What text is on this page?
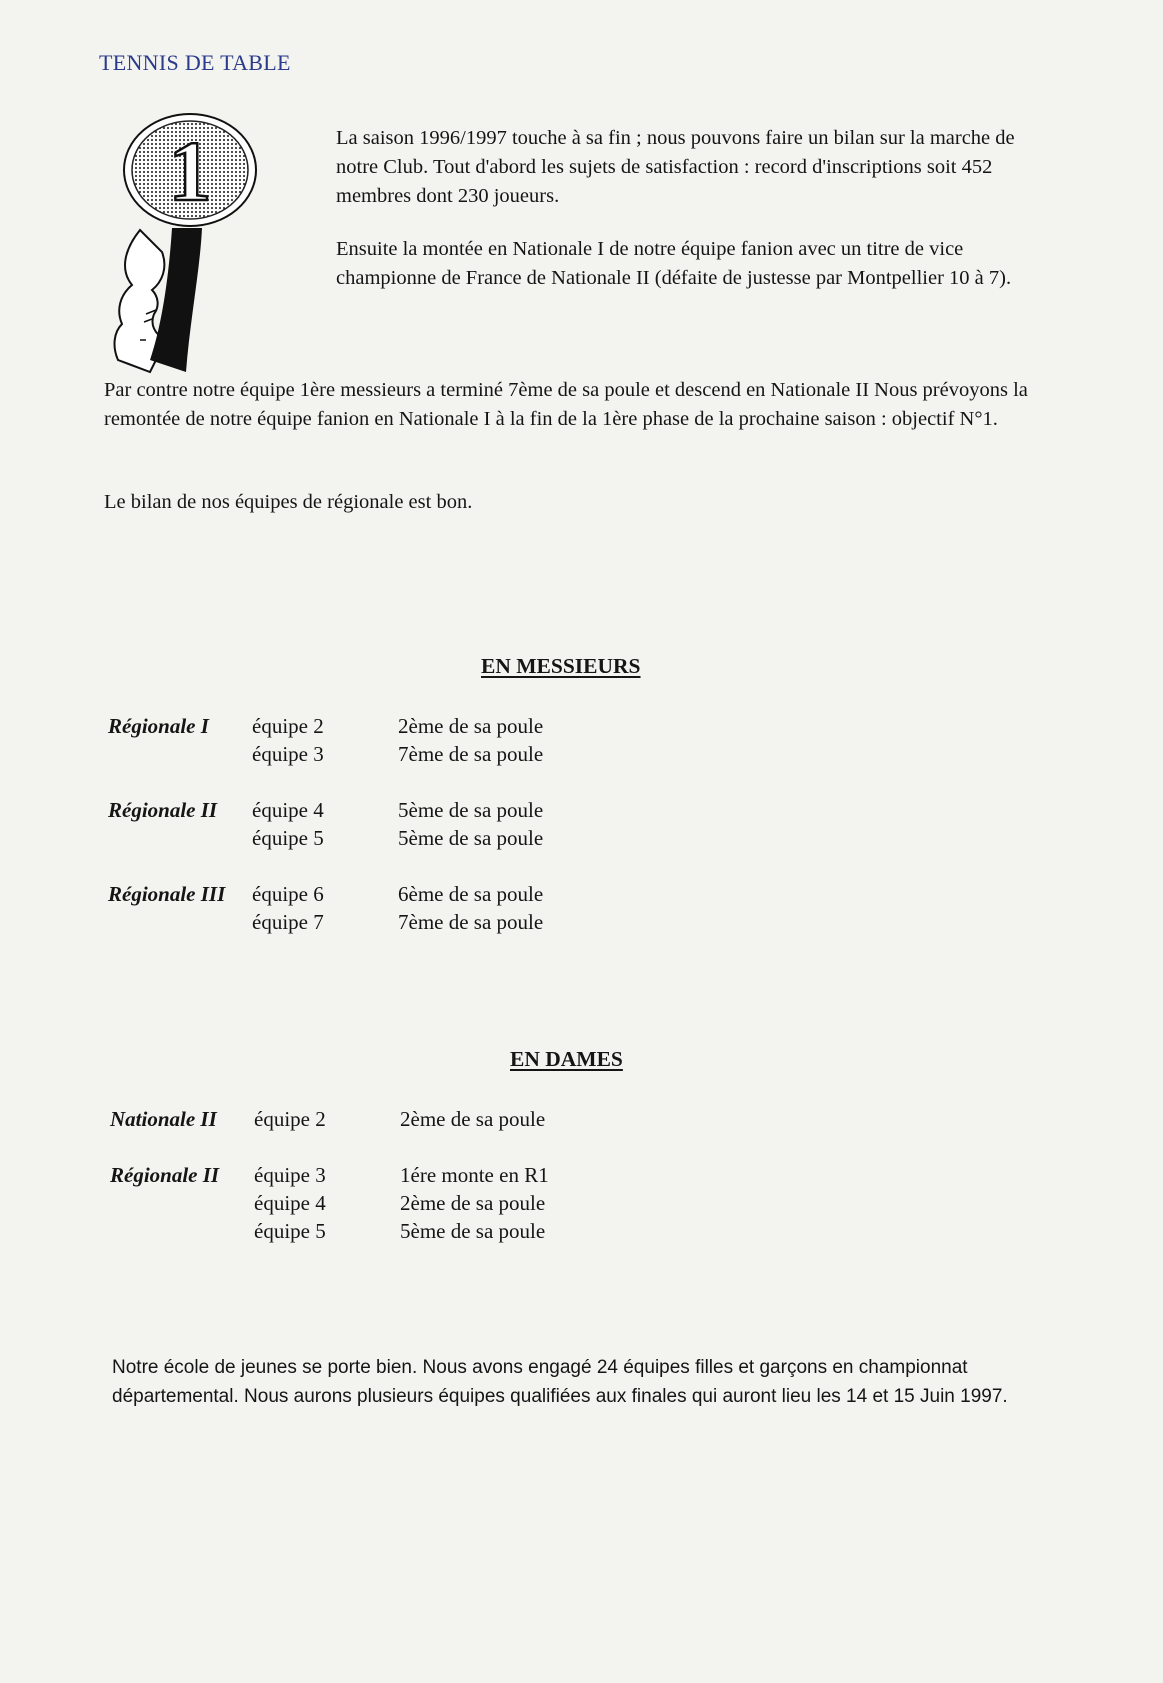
TENNIS DE TABLE
1	La saison 1996/1997 touche à sa fin ; nous pouvons faire un bilan sur la marche de notre Club. Tout d'abord les sujets de satisfaction : record d'inscriptions soit 452 membres dont 230 joueurs.

Ensuite la montée en Nationale I de notre équipe fanion avec un titre de vice championne de France de Nationale II (défaite de justesse par Montpellier 10 à 7).

Par contre notre équipe 1ère messieurs a terminé 7ème de sa poule et descend en Nationale II Nous prévoyons la remontée de notre équipe fanion en Nationale I à la fin de la 1ère phase de la prochaine saison : objectif N°1.

Le bilan de nos équipes de régionale est bon.

EN MESSIEURS
Régionale I	équipe 2	2ème de sa poule
	équipe 3	7ème de sa poule

Régionale II	équipe 4	5ème de sa poule
	équipe 5	5ème de sa poule

Régionale III	équipe 6	6ème de sa poule
	équipe 7	7ème de sa poule
EN DAMES
Nationale II	équipe 2	2ème de sa poule

Régionale II	équipe 3	1ére monte en R1
	équipe 4	2ème de sa poule
	équipe 5	5ème de sa poule
Notre école de jeunes se porte bien. Nous avons engagé 24 équipes filles et garçons en championnat départemental. Nous aurons plusieurs équipes qualifiées aux finales qui auront lieu les 14 et 15 Juin 1997.
